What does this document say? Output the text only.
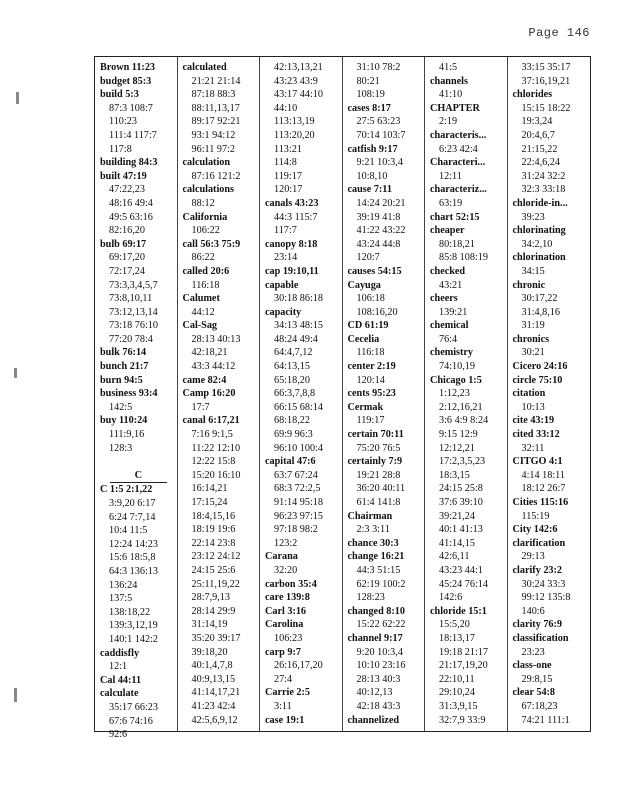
Page 146
Brown 11:23
budget 85:3
build 5:3
87:3 108:7
110:23
111:4 117:7
117:8
building 84:3
built 47:19
47:22,23
48:16 49:4
49:5 63:16
82:16,20
bulb 69:17
69:17,20
72:17,24
73:3,3,4,5,7
73:8,10,11
73:12,13,14
73:18 76:10
77:20 78:4
bulk 76:14
bunch 21:7
burn 94:5
business 93:4
142:5
buy 110:24
111:9,16
128:3
C
C 1:5 2:1,22
3:9,20 6:17
6:24 7:7,14
10:4 11:5
12:24 14:23
15:6 18:5,8
64:3 136:13
136:24
137:5
138:18,22
139:3,12,19
140:1 142:2
caddisfly
12:1
Cal 44:11
calculate
35:17 66:23
67:6 74:16
92:6
calculated
21:21 21:14
87:18 88:3
88:11,13,17
89:17 92:21
93:1 94:12
96:11 97:2
calculation
87:16 121:2
calculations
88:12
California
106:22
call 56:3 75:9
86:22
called 20:6
116:18
Calumet
44:12
Cal-Sag
28:13 40:13
42:18,21
43:3 44:12
came 82:4
Camp 16:20
17:7
canal 6:17,21
7:16 9:1,5
11:22 12:10
12:22 15:8
15:20 16:10
16:14,21
17:15,24
18:4,15,16
18:19 19:6
22:14 23:8
23:12 24:12
24:15 25:6
25:11,19,22
28:7,9,13
28:14 29:9
31:14,19
35:20 39:17
39:18,20
40:1,4,7,8
40:9,13,15
41:14,17,21
41:23 42:4
42:5,6,9,12
42:13,13,21
43:23 43:9
43:17 44:10
44:10
113:13,19
113:20,20
113:21
114:8
119:17
120:17
canals 43:23
44:3 115:7
117:7
canopy 8:18
23:14
cap 19:10,11
capable
30:18 86:18
capacity
34:13 48:15
48:24 49:4
64:4,7,12
64:13,15
65:18,20
66:3,7,8,8
66:15 68:14
68:18,22
69:9 96:3
96:10 100:4
capital 47:6
63:7 67:24
68:3 72:2,5
91:14 95:18
96:23 97:15
97:18 98:2
123:2
Carana
32:20
carbon 35:4
care 139:8
Carl 3:16
Carolina
106:23
carp 9:7
26:16,17,20
27:4
Carrie 2:5
3:11
case 19:1
31:10 78:2
80:21
108:19
cases 8:17
27:5 63:23
70:14 103:7
catfish 9:17
9:21 10:3,4
10:8,10
cause 7:11
14:24 20:21
39:19 41:8
41:22 43:22
43:24 44:8
120:7
causes 54:15
Cayuga
106:18
108:16,20
CD 61:19
Cecelia
116:18
center 2:19
120:14
cents 95:23
Cermak
119:17
certain 70:11
75:20 76:5
certainly 7:9
19:21 28:8
36:20 40:11
61:4 141:8
Chairman
2:3 3:11
chance 30:3
change 16:21
44:3 51:15
62:19 100:2
128:23
changed 8:10
15:22 62:22
channel 9:17
9:20 10:3,4
10:10 23:16
28:13 40:3
40:12,13
42:18 43:3
channelized
41:5
channels
41:10
CHAPTER
2:19
characteris...
6:23 42:4
Characteri...
12:11
characteriz...
63:19
chart 52:15
cheaper
80:18,21
85:8 108:19
checked
43:21
cheers
139:21
chemical
76:4
chemistry
74:10,19
Chicago 1:5
1:12,23
2:12,16,21
3:6 4:9 8:24
9:15 12:9
12:12,21
17:2,3,5,23
18:3,15
24:15 25:8
37:6 39:10
39:21,24
40:1 41:13
41:14,15
42:6,11
43:23 44:1
45:24 76:14
142:6
chloride 15:1
15:5,20
18:13,17
19:18 21:17
21:17,19,20
22:10,11
29:10,24
31:3,9,15
32:7,9 33:9
33:15 35:17
37:16,19,21
chlorides
15:15 18:22
19:3,24
20:4,6,7
21:15,22
22:4,6,24
31:24 32:2
32:3 33:18
chloride-in...
39:23
chlorinating
34:2,10
chlorination
34:15
chronic
30:17,22
31:4,8,16
31:19
chronics
30:21
Cicero 24:16
circle 75:10
citation
10:13
cite 43:19
cited 33:12
32:11
CITGO 4:1
4:14 18:11
18:12 26:7
Cities 115:16
115:19
City 142:6
clarification
29:13
clarify 23:2
30:24 33:3
99:12 135:8
140:6
clarity 76:9
classification
23:23
class-one
29:8,15
clear 54:8
67:18,23
74:21 111:1
